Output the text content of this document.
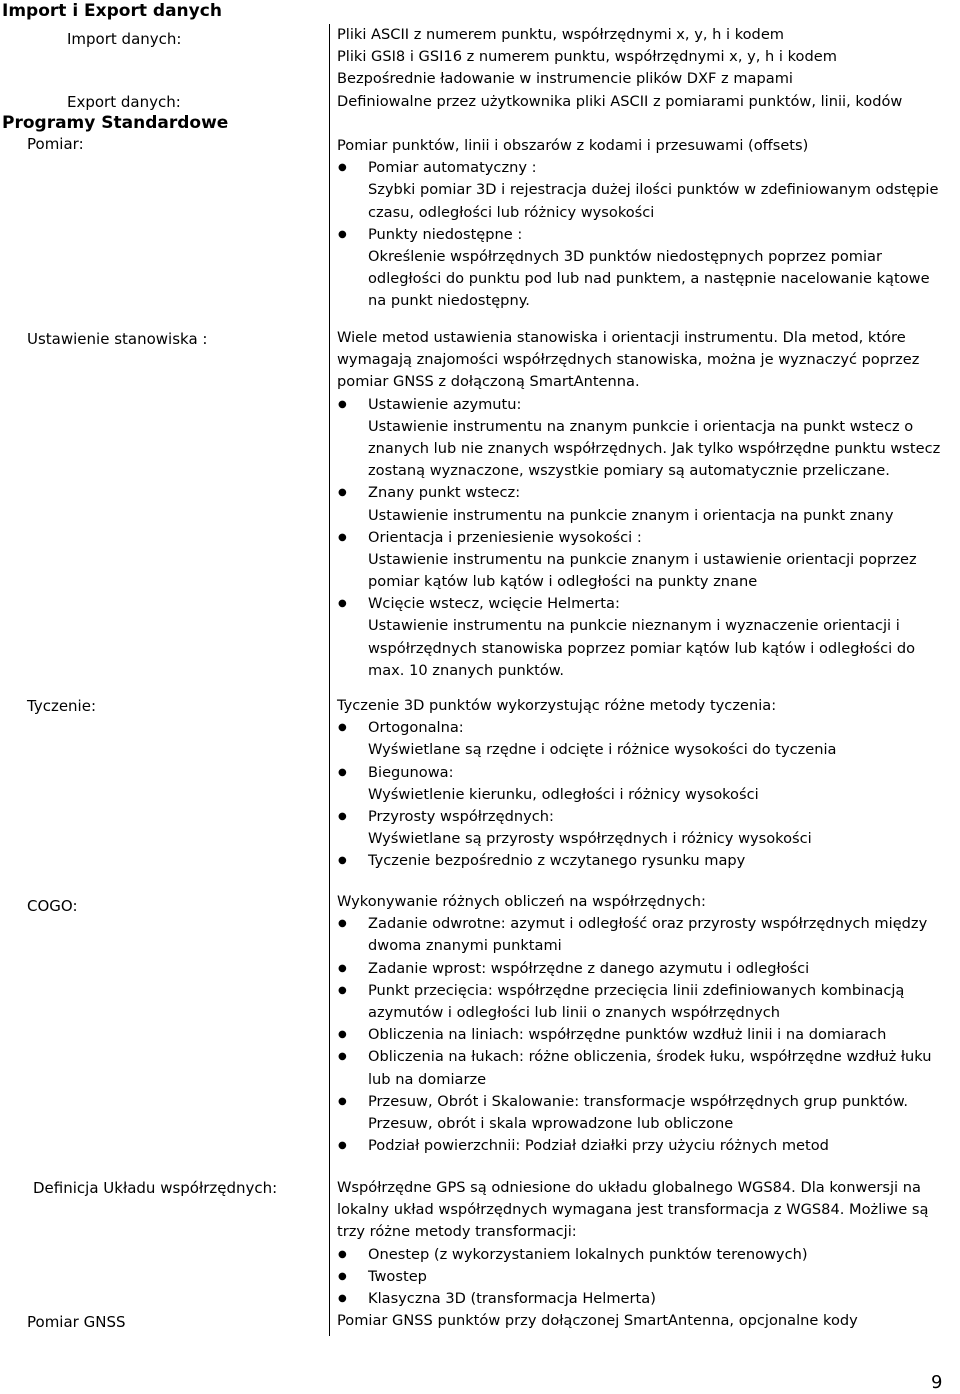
Import i Export danych
Programy Standardowe
Import danych:
Export danych:
Pomiar:
Ustawienie stanowiska :
Tyczenie:
COGO:
Definicja Układu współrzędnych:
Pomiar GNSS
Pliki ASCII z numerem punktu, współrzędnymi x, y, h i kodem
Pliki GSI8 i GSI16 z numerem punktu, współrzędnymi x, y, h i kodem
Bezpośrednie ładowanie w instrumencie plików DXF z mapami
Definiowalne przez użytkownika pliki ASCII z pomiarami punktów, linii, kodów
Pomiar punktów, linii i obszarów z kodami i przesuwami (offsets)
● Pomiar automatyczny :
Szybki pomiar 3D i rejestracja dużej ilości punktów w zdefiniowanym odstępie
czasu, odległości lub różnicy wysokości
● Punkty niedostępne :
Określenie współrzędnych 3D punktów niedostępnych poprzez pomiar
odległości do punktu pod lub nad punktem, a następnie nacelowanie kątowe
na punkt niedostępny.
Wiele metod ustawienia stanowiska i orientacji instrumentu. Dla metod, które
wymagają znajomości współrzędnych stanowiska, można je wyznaczyć poprzez
pomiar GNSS z dołączoną SmartAntenna.
● Ustawienie azymutu:
Ustawienie instrumentu na znanym punkcie i orientacja na punkt wstecz o
znanych lub nie znanych współrzędnych. Jak tylko współrzędne punktu wstecz
zostaną wyznaczone, wszystkie pomiary są automatycznie przeliczane.
● Znany punkt wstecz:
Ustawienie instrumentu na punkcie znanym i orientacja na punkt znany
● Orientacja i przeniesienie wysokości :
Ustawienie instrumentu na punkcie znanym i ustawienie orientacji poprzez
pomiar kątów lub kątów i odległości na punkty znane
● Wcięcie wstecz, wcięcie Helmerta:
Ustawienie instrumentu na punkcie nieznanym i wyznaczenie orientacji i
współrzędnych stanowiska poprzez pomiar kątów lub kątów i odległości do
max. 10 znanych punktów.
Tyczenie 3D punktów wykorzystując różne metody tyczenia:
● Ortogonalna:
Wyświetlane są rzędne i odcięte i różnice wysokości do tyczenia
● Biegunowa:
Wyświetlenie kierunku, odległości i różnicy wysokości
● Przyrosty współrzędnych:
Wyświetlane są przyrosty współrzędnych i różnicy wysokości
● Tyczenie bezpośrednio z wczytanego rysunku mapy
Wykonywanie różnych obliczeń na współrzędnych:
● Zadanie odwrotne: azymut i odległość oraz przyrosty współrzędnych między
dwoma znanymi punktami
● Zadanie wprost: współrzędne z danego azymutu i odległości
● Punkt przecięcia: współrzędne przecięcia linii zdefiniowanych kombinacją
azymutów i odległości lub linii o znanych współrzędnych
● Obliczenia na liniach: współrzędne punktów wzdłuż linii i na domiarach
● Obliczenia na łukach: różne obliczenia, środek łuku, współrzędne wzdłuż łuku
lub na domiarze
● Przesuw, Obrót i Skalowanie: transformacje współrzędnych grup punktów.
Przesuw, obrót i skala wprowadzone lub obliczone
● Podział powierzchnii: Podział działki przy użyciu różnych metod
Współrzędne GPS są odniesione do układu globalnego WGS84. Dla konwersji na
lokalny układ współrzędnych wymagana jest transformacja z WGS84. Możliwe są
trzy różne metody transformacji:
● Onestep (z wykorzystaniem lokalnych punktów terenowych)
● Twostep
● Klasyczna 3D (transformacja Helmerta)
Pomiar GNSS punktów przy dołączonej SmartAntenna, opcjonalne kody
9
